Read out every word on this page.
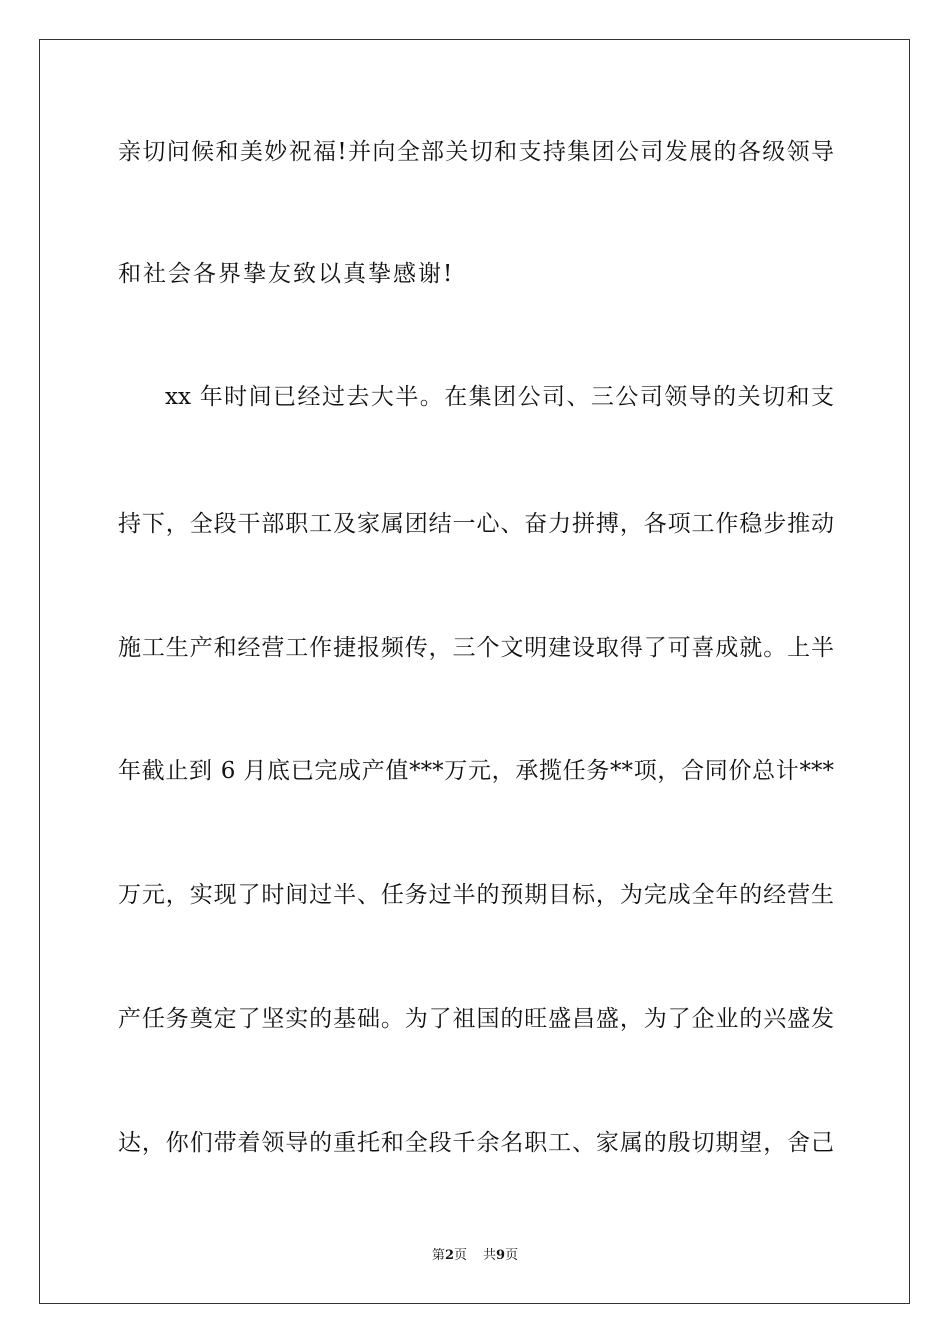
亲切问候和美妙祝福!并向全部关切和支持集团公司发展的各级领导
和社会各界挚友致以真挚感谢!
xx 年时间已经过去大半。在集团公司、三公司领导的关切和支
持下，全段干部职工及家属团结一心、奋力拼搏，各项工作稳步推动
施工生产和经营工作捷报频传，三个文明建设取得了可喜成就。上半
年截止到 6 月底已完成产值***万元，承揽任务**项，合同价总计***
万元，实现了时间过半、任务过半的预期目标，为完成全年的经营生
产任务奠定了坚实的基础。为了祖国的旺盛昌盛，为了企业的兴盛发
达，你们带着领导的重托和全段千余名职工、家属的殷切期望，舍己
第2页 共9页
